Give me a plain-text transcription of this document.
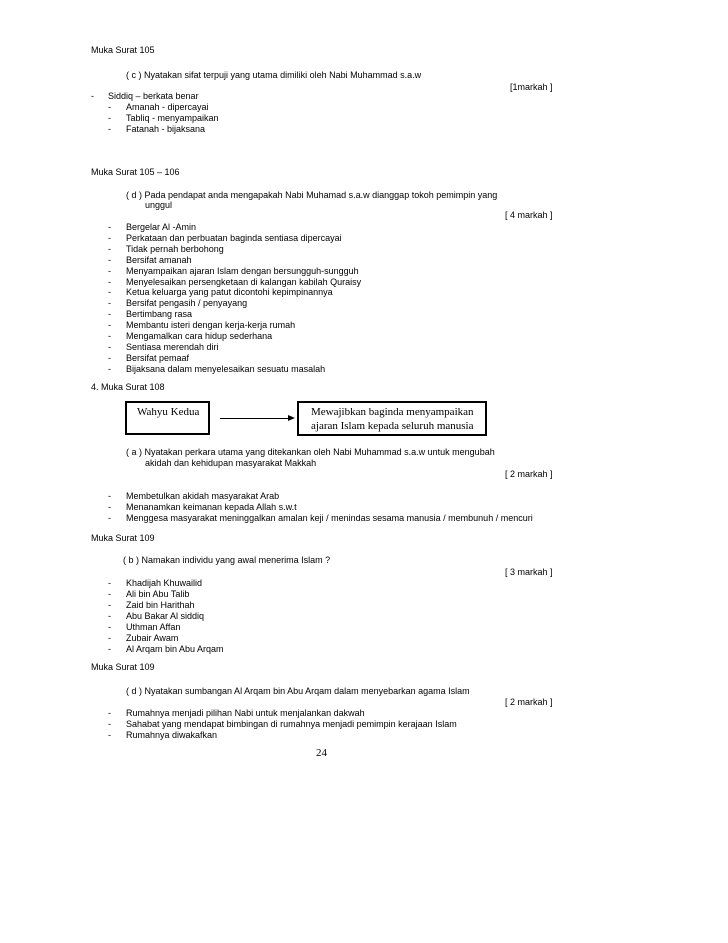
Muka Surat 105
( c ) Nyatakan sifat terpuji yang utama dimiliki oleh Nabi Muhammad s.a.w
[1markah ]
- Siddiq – berkata benar
- Amanah - dipercayai
- Tabliq - menyampaikan
- Fatanah - bijaksana
Muka Surat 105 – 106
( d ) Pada pendapat anda mengapakah Nabi Muhamad s.a.w dianggap tokoh pemimpin yang
unggul
[ 4 markah ]
- Bergelar Al -Amin
- Perkataan dan perbuatan baginda sentiasa dipercayai
- Tidak pernah berbohong
- Bersifat amanah
- Menyampaikan ajaran Islam dengan bersungguh-sungguh
- Menyelesaikan persengketaan di kalangan kabilah Quraisy
- Ketua keluarga yang patut dicontohi kepimpinannya
- Bersifat pengasih / penyayang
- Bertimbang rasa
- Membantu isteri dengan kerja-kerja rumah
- Mengamalkan cara hidup sederhana
- Sentiasa merendah diri
- Bersifat pemaaf
- Bijaksana dalam menyelesaikan sesuatu masalah
4. Muka Surat 108
Wahyu Kedua	Mewajibkan baginda menyampaikan
ajaran Islam kepada seluruh manusia
( a ) Nyatakan perkara utama yang ditekankan oleh Nabi Muhammad s.a.w untuk mengubah
akidah dan kehidupan masyarakat Makkah
[ 2 markah ]
- Membetulkan akidah masyarakat Arab
- Menanamkan keimanan kepada Allah s.w.t
- Menggesa masyarakat meninggalkan amalan keji / menindas sesama manusia / membunuh / mencuri
Muka Surat 109
( b ) Namakan individu yang awal menerima Islam ?
[ 3 markah ]
- Khadijah Khuwailid
- Ali bin Abu Talib
- Zaid bin Harithah
- Abu Bakar Al siddiq
- Uthman Affan
- Zubair Awam
- Al Arqam bin Abu Arqam
Muka Surat 109
( d ) Nyatakan sumbangan Al Arqam bin Abu Arqam dalam menyebarkan agama Islam
[ 2 markah ]
- Rumahnya menjadi pilihan Nabi untuk menjalankan dakwah
- Sahabat yang mendapat bimbingan di rumahnya menjadi pemimpin kerajaan Islam
- Rumahnya diwakafkan
24
